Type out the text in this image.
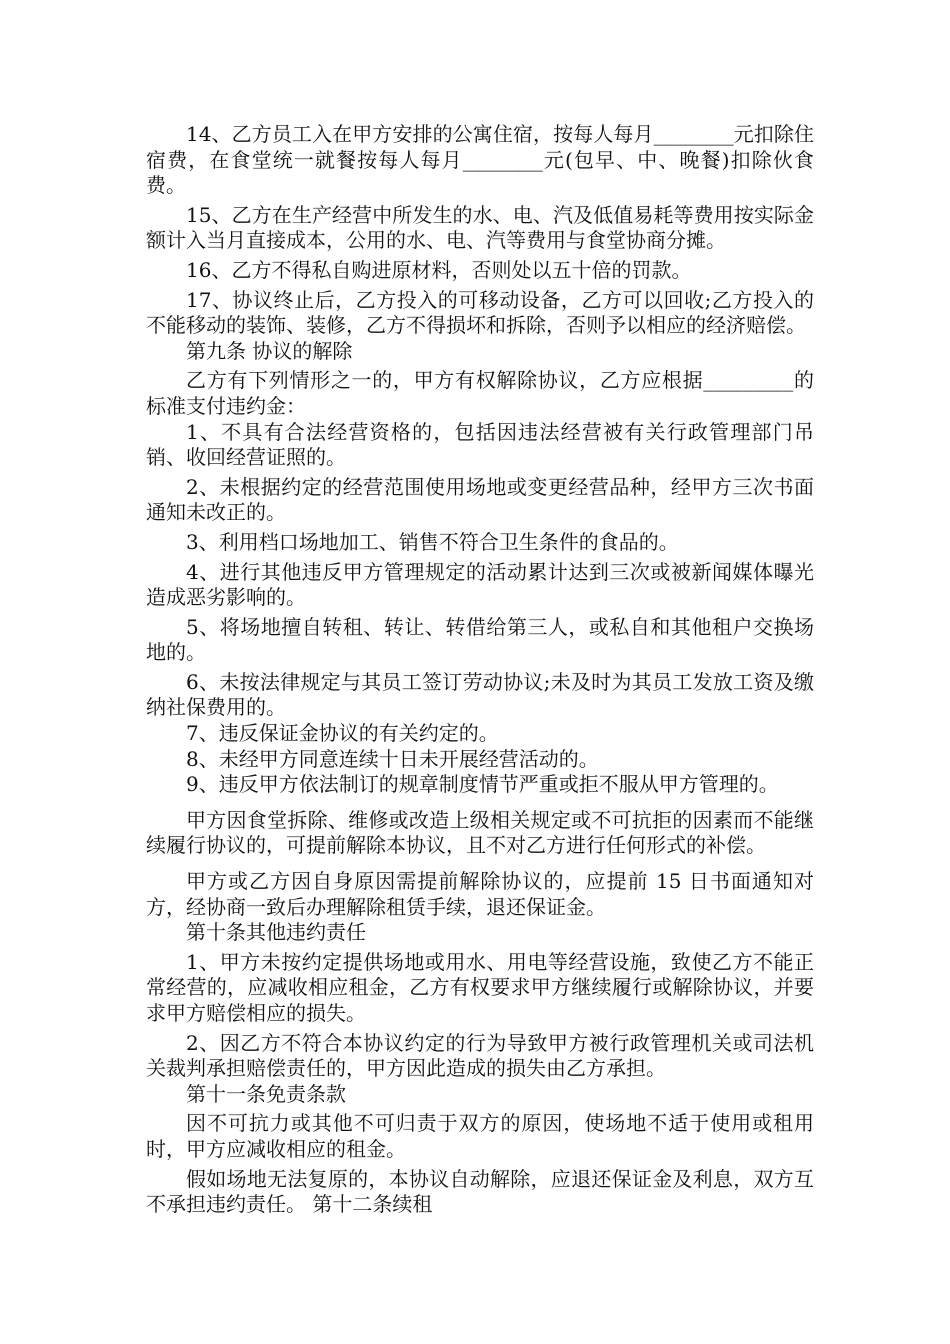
14、乙方员工入在甲方安排的公寓住宿，按每人每月________元扣除住宿费，在食堂统一就餐按每人每月________元(包早、中、晚餐)扣除伙食费。

15、乙方在生产经营中所发生的水、电、汽及低值易耗等费用按实际金额计入当月直接成本，公用的水、电、汽等费用与食堂协商分摊。

16、乙方不得私自购进原材料，否则处以五十倍的罚款。

17、协议终止后，乙方投入的可移动设备，乙方可以回收;乙方投入的不能移动的装饰、装修，乙方不得损坏和拆除，否则予以相应的经济赔偿。

第九条 协议的解除

乙方有下列情形之一的，甲方有权解除协议，乙方应根据_________的标准支付违约金：

1、不具有合法经营资格的，包括因违法经营被有关行政管理部门吊销、收回经营证照的。

2、未根据约定的经营范围使用场地或变更经营品种，经甲方三次书面通知未改正的。

3、利用档口场地加工、销售不符合卫生条件的食品的。

4、进行其他违反甲方管理规定的活动累计达到三次或被新闻媒体曝光造成恶劣影响的。

5、将场地擅自转租、转让、转借给第三人，或私自和其他租户交换场地的。

6、未按法律规定与其员工签订劳动协议;未及时为其员工发放工资及缴纳社保费用的。

7、违反保证金协议的有关约定的。

8、未经甲方同意连续十日未开展经营活动的。

9、违反甲方依法制订的规章制度情节严重或拒不服从甲方管理的。

甲方因食堂拆除、维修或改造上级相关规定或不可抗拒的因素而不能继续履行协议的，可提前解除本协议，且不对乙方进行任何形式的补偿。

甲方或乙方因自身原因需提前解除协议的，应提前 15 日书面通知对方，经协商一致后办理解除租赁手续，退还保证金。

第十条其他违约责任

1、甲方未按约定提供场地或用水、用电等经营设施，致使乙方不能正常经营的，应减收相应租金，乙方有权要求甲方继续履行或解除协议，并要求甲方赔偿相应的损失。

2、因乙方不符合本协议约定的行为导致甲方被行政管理机关或司法机关裁判承担赔偿责任的，甲方因此造成的损失由乙方承担。

第十一条免责条款

因不可抗力或其他不可归责于双方的原因，使场地不适于使用或租用时，甲方应减收相应的租金。

假如场地无法复原的，本协议自动解除，应退还保证金及利息，双方互不承担违约责任。 第十二条续租
